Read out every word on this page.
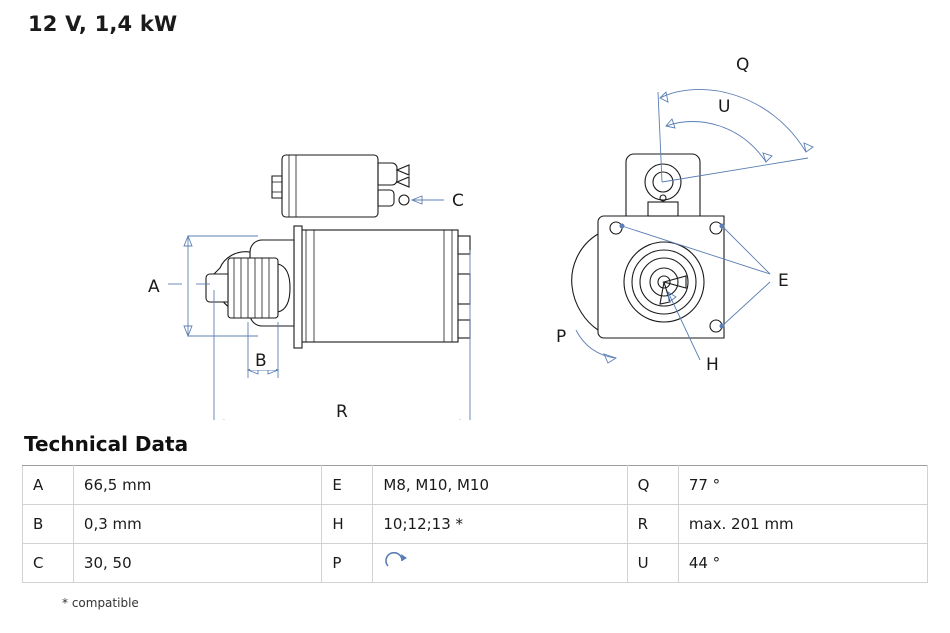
12 V, 1,4 kW
C
A
B
R
E
H
P
Q
U
Technical Data
A	66,5 mm	E	M8, M10, M10	Q	77 °
B	0,3 mm	H	10;12;13 *	R	max. 201 mm
C	30, 50	P		U	44 °
* compatible
